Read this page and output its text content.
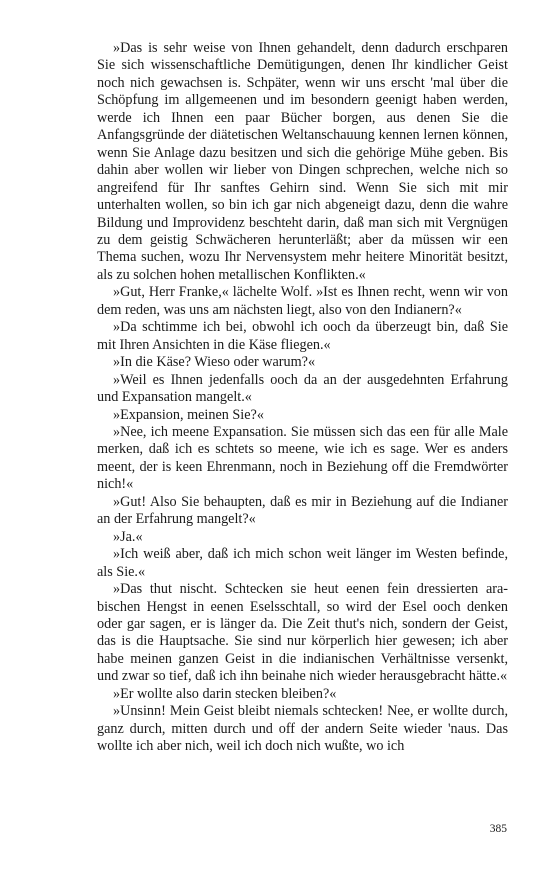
»Das is sehr weise von Ihnen gehandelt, denn dadurch erschparen Sie sich wissenschaftliche Demütigungen, denen Ihr kindlicher Geist noch nich gewachsen is. Schpäter, wenn wir uns erscht 'mal über die Schöpfung im allgemeenen und im besondern geenigt haben werden, werde ich Ihnen een paar Bücher borgen, aus denen Sie die Anfangsgründe der diätetischen Weltanschauung kennen lernen können, wenn Sie Anlage dazu besitzen und sich die gehörige Mühe geben. Bis dahin aber wollen wir lieber von Dingen schprechen, welche nich so angreifend für Ihr sanftes Gehirn sind. Wenn Sie sich mit mir unterhalten wollen, so bin ich gar nich abgeneigt dazu, denn die wahre Bildung und Improvidenz beschteht darin, daß man sich mit Vergnügen zu dem geistig Schwächeren herunterläßt; aber da müssen wir een Thema suchen, wozu Ihr Nervensystem mehr heitere Minorität besitzt, als zu solchen hohen metallischen Konflikten.«

»Gut, Herr Franke,« lächelte Wolf. »Ist es Ihnen recht, wenn wir von dem reden, was uns am nächsten liegt, also von den Indianern?«

»Da schtimme ich bei, obwohl ich ooch da überzeugt bin, daß Sie mit Ihren Ansichten in die Käse fliegen.«

»In die Käse? Wieso oder warum?«

»Weil es Ihnen jedenfalls ooch da an der ausgedehnten Erfahrung und Expansation mangelt.«

»Expansion, meinen Sie?«

»Nee, ich meene Expansation. Sie müssen sich das een für alle Male merken, daß ich es schtets so meene, wie ich es sage. Wer es anders meent, der is keen Ehrenmann, noch in Beziehung off die Fremdwörter nich!«

»Gut! Also Sie behaupten, daß es mir in Beziehung auf die Indianer an der Erfahrung mangelt?«

»Ja.«

»Ich weiß aber, daß ich mich schon weit länger im Westen befinde, als Sie.«

»Das thut nischt. Schtecken sie heut eenen fein dressierten arabischen Hengst in eenen Eselsschtall, so wird der Esel ooch denken oder gar sagen, er is länger da. Die Zeit thut's nich, sondern der Geist, das is die Hauptsache. Sie sind nur körperlich hier gewesen; ich aber habe meinen ganzen Geist in die indianischen Verhältnisse versenkt, und zwar so tief, daß ich ihn beinahe nich wieder herausgebracht hätte.«

»Er wollte also darin stecken bleiben?«

»Unsinn! Mein Geist bleibt niemals schtecken! Nee, er wollte durch, ganz durch, mitten durch und off der andern Seite wieder 'naus. Das wollte ich aber nich, weil ich doch nich wußte, wo ich

385
